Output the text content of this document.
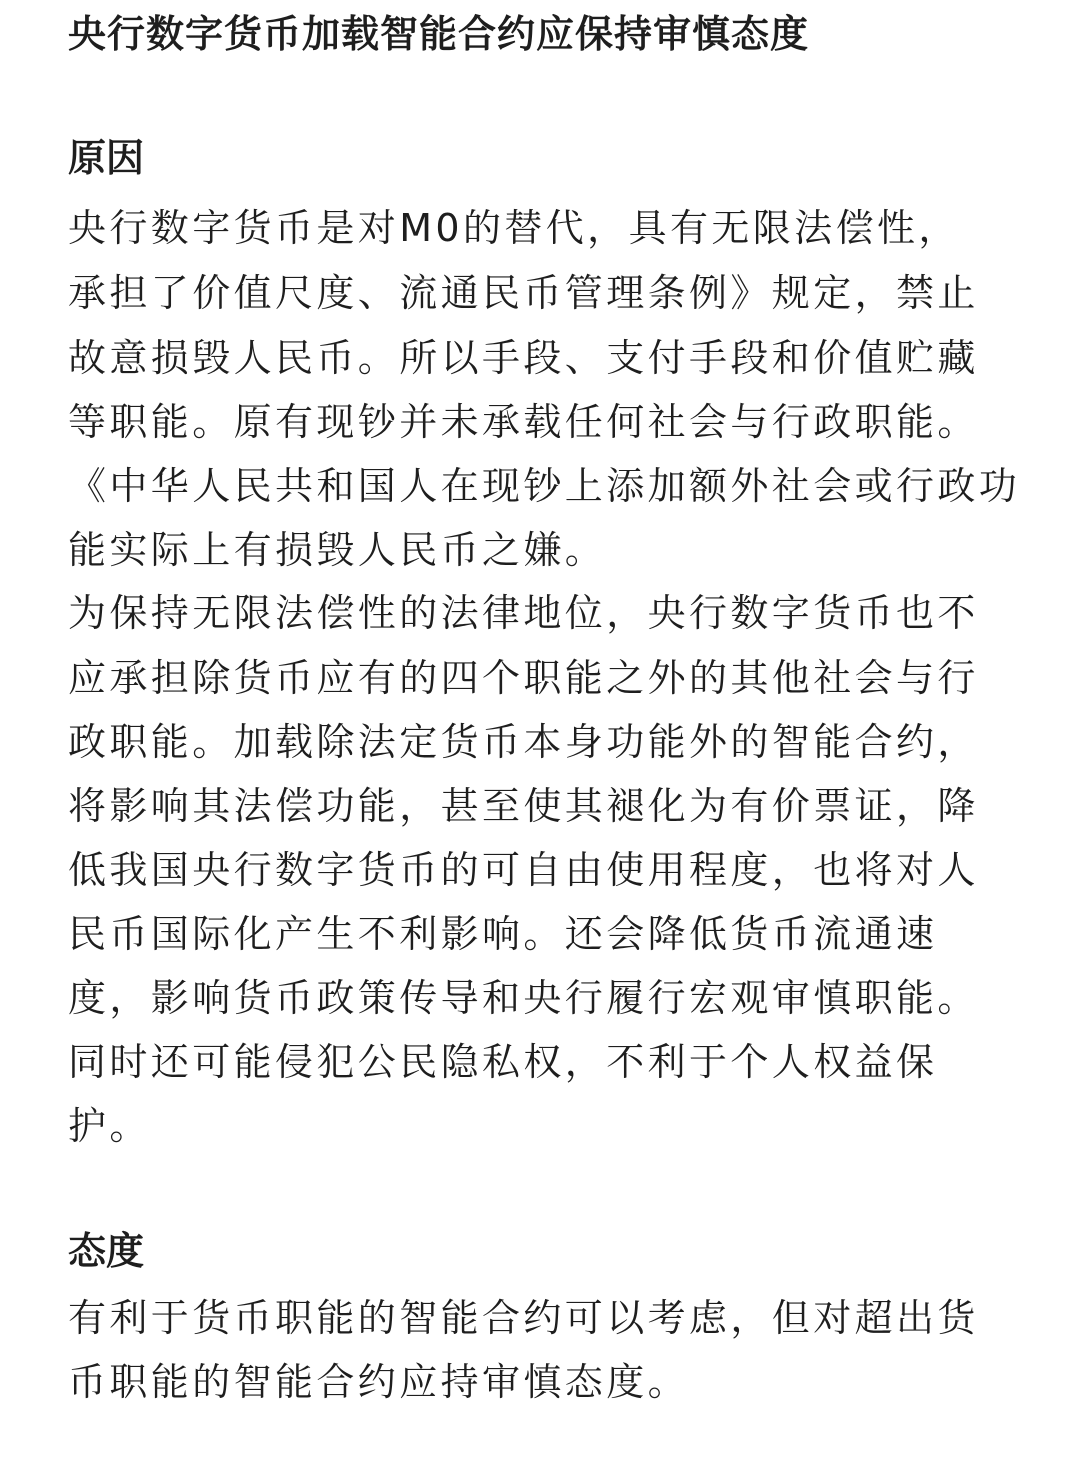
央行数字货币加载智能合约应保持审慎态度
原因

央行数字货币是对M0的替代，具有无限法偿性，

承担了价值尺度、流通民币管理条例》规定，禁止

故意损毁人民币。所以手段、支付手段和价值贮藏

等职能。原有现钞并未承载任何社会与行政职能。

《中华人民共和国人在现钞上添加额外社会或行政功

能实际上有损毁人民币之嫌。

为保持无限法偿性的法律地位，央行数字货币也不

应承担除货币应有的四个职能之外的其他社会与行

政职能。加载除法定货币本身功能外的智能合约，

将影响其法偿功能，甚至使其褪化为有价票证，降

低我国央行数字货币的可自由使用程度，也将对人

民币国际化产生不利影响。还会降低货币流通速

度，影响货币政策传导和央行履行宏观审慎职能。

同时还可能侵犯公民隐私权，不利于个人权益保

护。

态度

有利于货币职能的智能合约可以考虑，但对超出货

币职能的智能合约应持审慎态度。
